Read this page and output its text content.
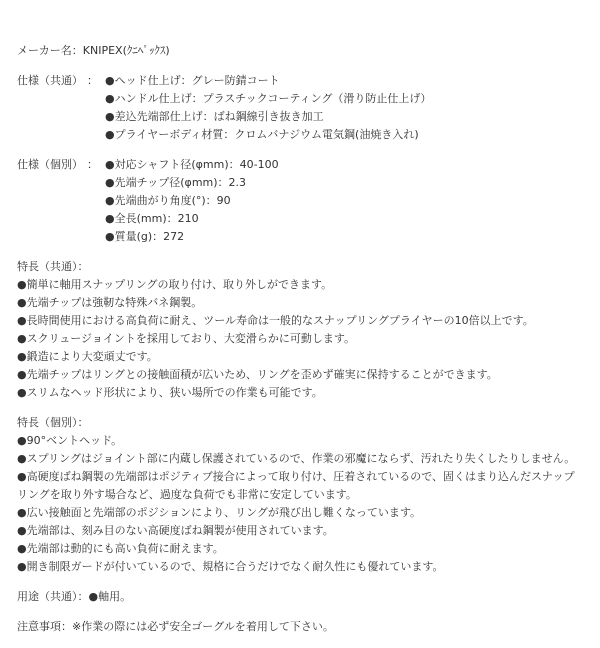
メーカー名：KNIPEX(ｸﾆﾍﾟｯｸｽ)
仕様（共通） ： ●ヘッド仕上げ：グレー防錆コート
●ハンドル仕上げ：プラスチックコーティング（滑り防止仕上げ）
●差込先端部仕上げ：ばね鋼線引き抜き加工
●プライヤーボディ材質：クロムバナジウム電気鋼(油焼き入れ)
仕様（個別） ： ●対応シャフト径(φmm)：40-100
●先端チップ径(φmm)：2.3
●先端曲がり角度(°)：90
●全長(mm)：210
●質量(g)：272
特長（共通）：
●簡単に軸用スナップリングの取り付け、取り外しができます。
●先端チップは強靭な特殊バネ鋼製。
●長時間使用における高負荷に耐え、ツール寿命は一般的なスナップリングプライヤーの10倍以上です。
●スクリュージョイントを採用しており、大変滑らかに可動します。
●鍛造により大変頑丈です。
●先端チップはリングとの接触面積が広いため、リングを歪めず確実に保持することができます。
●スリムなヘッド形状により、狭い場所での作業も可能です。
特長（個別）：
●90°ベントヘッド。
●スプリングはジョイント部に内蔵し保護されているので、作業の邪魔にならず、汚れたり失くしたりしません。
●高硬度ばね鋼製の先端部はポジティブ接合によって取り付け、圧着されているので、固くはまり込んだスナップリングを取り外す場合など、過度な負荷でも非常に安定しています。
●広い接触面と先端部のポジションにより、リングが飛び出し難くなっています。
●先端部は、刻み目のない高硬度ばね鋼製が使用されています。
●先端部は動的にも高い負荷に耐えます。
●開き制限ガードが付いているので、規格に合うだけでなく耐久性にも優れています。
用途（共通）：●軸用。
注意事項：※作業の際には必ず安全ゴーグルを着用して下さい。
